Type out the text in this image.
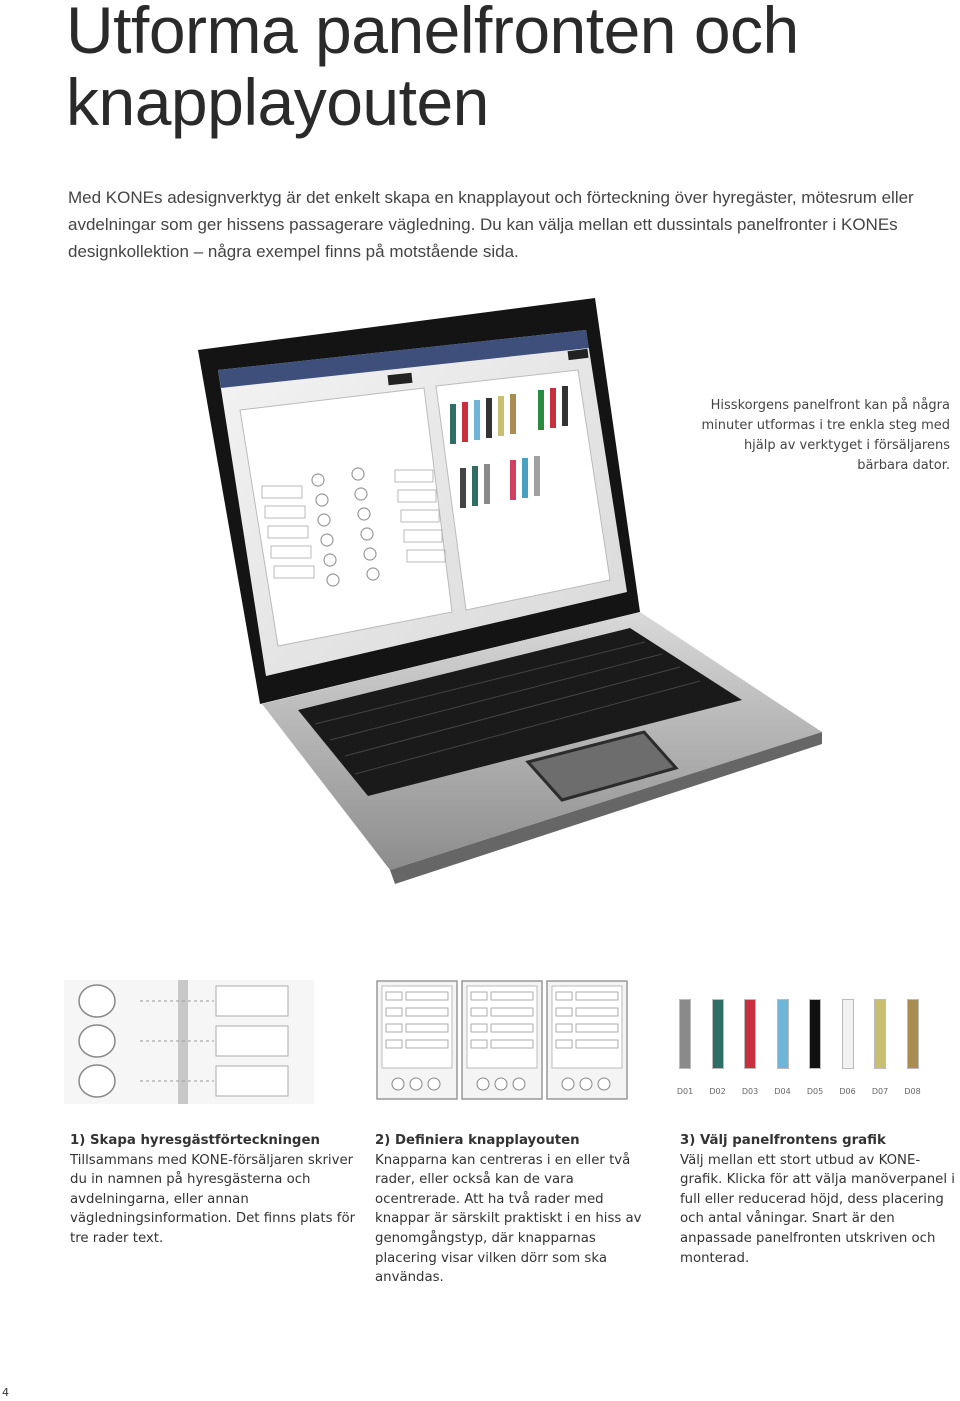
Utforma panelfronten och
knapplayouten

Med KONEs adesignverktyg är det enkelt skapa en knapplayout och förteckning över hyregäster, mötesrum eller avdelningar som ger hissens passagerare vägledning. Du kan välja mellan ett dussintals panelfronter i KONEs designkollektion – några exempel finns på motstående sida.

Hisskorgens panelfront kan på några minuter utformas i tre enkla steg med hjälp av verktyget i försäljarens bärbara dator.

D01	D02	D03	D04	D05	D06	D07	D08
1) Skapa hyresgästförteckningen

Tillsammans med KONE-försäljaren skriver du in namnen på hyresgästerna och avdelningarna, eller annan vägledningsinformation. Det finns plats för tre rader text.

2) Definiera knapplayouten

Knapparna kan centreras i en eller två rader, eller också kan de vara ocentrerade. Att ha två rader med knappar är särskilt praktiskt i en hiss av genomgångstyp, där knapparnas placering visar vilken dörr som ska användas.

3) Välj panelfrontens grafik

Välj mellan ett stort utbud av KONE-grafik. Klicka för att välja manöverpanel i full eller reducerad höjd, dess placering och antal våningar. Snart är den anpassade panelfronten utskriven och monterad.

4
